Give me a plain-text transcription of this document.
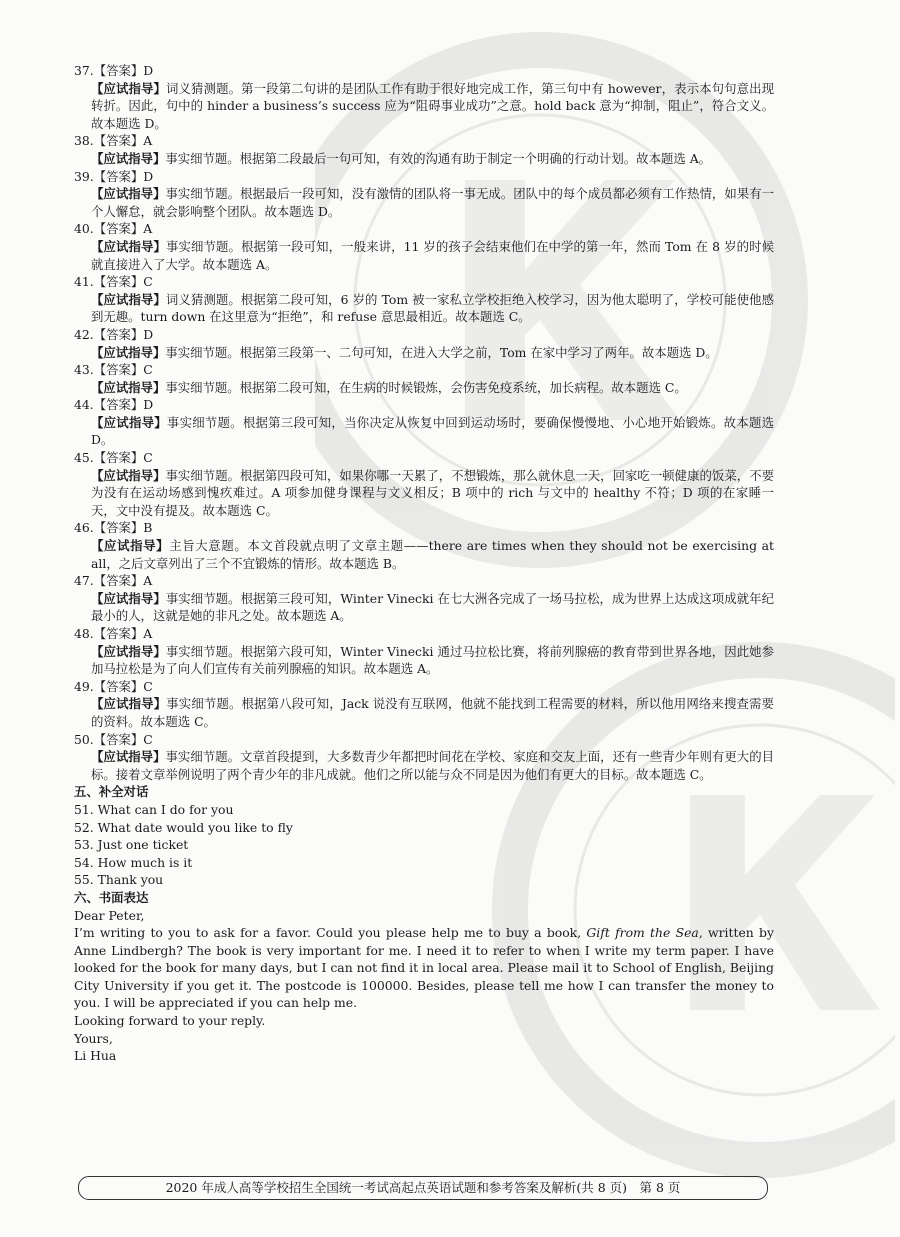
37.【答案】D

【应试指导】词义猜测题。第一段第二句讲的是团队工作有助于很好地完成工作，第三句中有 however，表示本句句意出现转折。因此，句中的 hinder a business’s success 应为“阻碍事业成功”之意。hold back 意为“抑制，阻止”，符合文义。故本题选 D。

38.【答案】A

【应试指导】事实细节题。根据第二段最后一句可知，有效的沟通有助于制定一个明确的行动计划。故本题选 A。

39.【答案】D

【应试指导】事实细节题。根据最后一段可知，没有激情的团队将一事无成。团队中的每个成员都必须有工作热情，如果有一个人懈怠，就会影响整个团队。故本题选 D。

40.【答案】A

【应试指导】事实细节题。根据第一段可知，一般来讲，11 岁的孩子会结束他们在中学的第一年，然而 Tom 在 8 岁的时候就直接进入了大学。故本题选 A。

41.【答案】C

【应试指导】词义猜测题。根据第二段可知，6 岁的 Tom 被一家私立学校拒绝入校学习，因为他太聪明了，学校可能使他感到无趣。turn down 在这里意为“拒绝”，和 refuse 意思最相近。故本题选 C。

42.【答案】D

【应试指导】事实细节题。根据第三段第一、二句可知，在进入大学之前，Tom 在家中学习了两年。故本题选 D。

43.【答案】C

【应试指导】事实细节题。根据第二段可知，在生病的时候锻炼，会伤害免疫系统，加长病程。故本题选 C。

44.【答案】D

【应试指导】事实细节题。根据第三段可知，当你决定从恢复中回到运动场时，要确保慢慢地、小心地开始锻炼。故本题选 D。

45.【答案】C

【应试指导】事实细节题。根据第四段可知，如果你哪一天累了，不想锻炼，那么就休息一天，回家吃一顿健康的饭菜，不要为没有在运动场感到愧疚难过。A 项参加健身课程与文义相反；B 项中的 rich 与文中的 healthy 不符；D 项的在家睡一天，文中没有提及。故本题选 C。

46.【答案】B

【应试指导】主旨大意题。本文首段就点明了文章主题——there are times when they should not be exercising at all，之后文章列出了三个不宜锻炼的情形。故本题选 B。

47.【答案】A

【应试指导】事实细节题。根据第三段可知，Winter Vinecki 在七大洲各完成了一场马拉松，成为世界上达成这项成就年纪最小的人，这就是她的非凡之处。故本题选 A。

48.【答案】A

【应试指导】事实细节题。根据第六段可知，Winter Vinecki 通过马拉松比赛，将前列腺癌的教育带到世界各地，因此她参加马拉松是为了向人们宣传有关前列腺癌的知识。故本题选 A。

49.【答案】C

【应试指导】事实细节题。根据第八段可知，Jack 说没有互联网，他就不能找到工程需要的材料，所以他用网络来搜查需要的资料。故本题选 C。

50.【答案】C

【应试指导】事实细节题。文章首段提到，大多数青少年都把时间花在学校、家庭和交友上面，还有一些青少年则有更大的目标。接着文章举例说明了两个青少年的非凡成就。他们之所以能与众不同是因为他们有更大的目标。故本题选 C。

五、补全对话

51. What can I do for you

52. What date would you like to fly

53. Just one ticket

54. How much is it

55. Thank you

六、书面表达

Dear Peter,

I’m writing to you to ask for a favor. Could you please help me to buy a book, Gift from the Sea, written by Anne Lindbergh? The book is very important for me. I need it to refer to when I write my term paper. I have looked for the book for many days, but I can not find it in local area. Please mail it to School of English, Beijing City University if you get it. The postcode is 100000. Besides, please tell me how I can transfer the money to you. I will be appreciated if you can help me.

Looking forward to your reply.

Yours,

Li Hua

2020 年成人高等学校招生全国统一考试高起点英语试题和参考答案及解析(共 8 页)　第 8 页
